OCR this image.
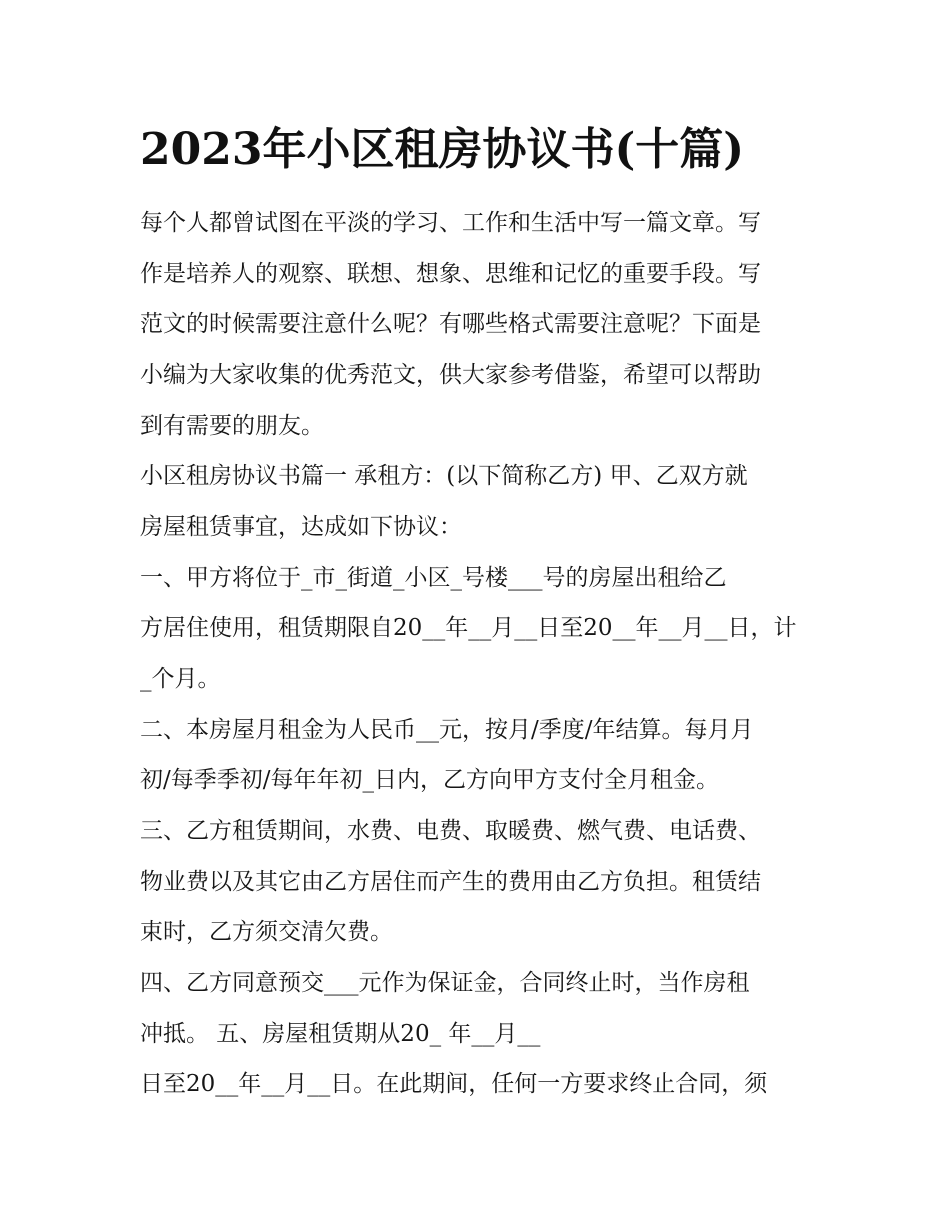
2023年小区租房协议书(十篇)

每个人都曾试图在平淡的学习、工作和生活中写一篇文章。写

作是培养人的观察、联想、想象、思维和记忆的重要手段。写

范文的时候需要注意什么呢？有哪些格式需要注意呢？下面是

小编为大家收集的优秀范文，供大家参考借鉴，希望可以帮助

到有需要的朋友。

小区租房协议书篇一 承租方：(以下简称乙方) 甲、乙双方就

房屋租赁事宜，达成如下协议：

一、甲方将位于_市_街道_小区_号楼___号的房屋出租给乙

方居住使用，租赁期限自20__年__月__日至20__年__月__日，计

_个月。

二、本房屋月租金为人民币__元，按月/季度/年结算。每月月

初/每季季初/每年年初_日内，乙方向甲方支付全月租金。

三、乙方租赁期间，水费、电费、取暖费、燃气费、电话费、

物业费以及其它由乙方居住而产生的费用由乙方负担。租赁结

束时，乙方须交清欠费。

四、乙方同意预交___元作为保证金，合同终止时，当作房租

冲抵。 五、房屋租赁期从20_ 年__月__

日至20__年__月__日。在此期间，任何一方要求终止合同，须
